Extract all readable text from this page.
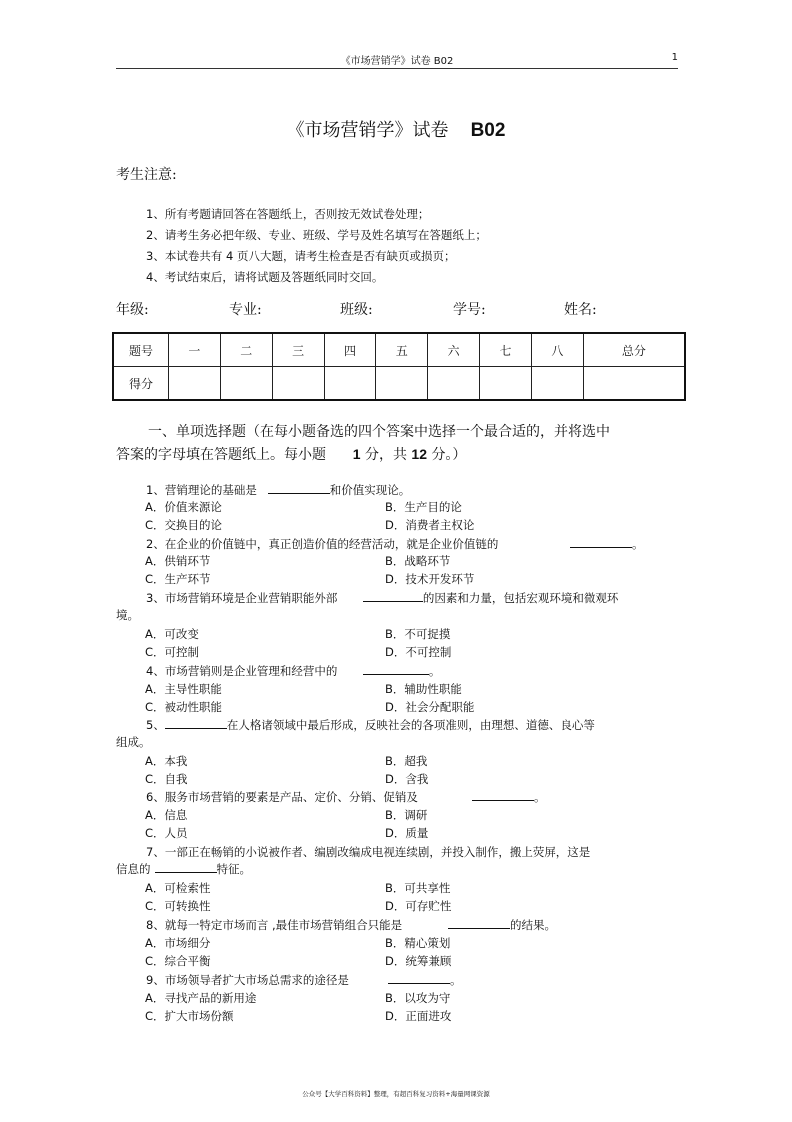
《市场营销学》试卷 B02	1
《市场营销学》试卷 B02
考生注意:
1、所有考题请回答在答题纸上，否则按无效试卷处理；
2、请考生务必把年级、专业、班级、学号及姓名填写在答题纸上；
3、本试卷共有 4 页八大题，请考生检查是否有缺页或损页；
4、考试结束后，请将试题及答题纸同时交回。
年级:	专业:	班级:	学号:	姓名:
题号	一	二	三	四	五	六	七	八	总分
得分									
一、单项选择题（在每小题备选的四个答案中选择一个最合适的，并将选中
答案的字母填在答题纸上。每小题 1 分，共 12 分。）
1、营销理论的基础是	和价值实现论。
A．价值来源论	B．生产目的论
C．交换目的论	D．消费者主权论
2、在企业的价值链中，真正创造价值的经营活动，就是企业价值链的	。
A．供销环节	B．战略环节
C．生产环节	D．技术开发环节
3、市场营销环境是企业营销职能外部	的因素和力量，包括宏观环境和微观环
境。
A．可改变	B．不可捉摸
C．可控制	D．不可控制
4、市场营销则是企业管理和经营中的	。
A．主导性职能	B．辅助性职能
C．被动性职能	D．社会分配职能
5、	在人格诸领域中最后形成，反映社会的各项准则，由理想、道德、良心等
组成。
A．本我	B．超我
C．自我	D．含我
6、服务市场营销的要素是产品、定价、分销、促销及	。
A．信息	B．调研
C．人员	D．质量
7、一部正在畅销的小说被作者、编剧改编成电视连续剧，并投入制作，搬上荧屏，这是
信息的	特征。
A．可检索性	B．可共享性
C．可转换性	D．可存贮性
8、就每一特定市场而言 ,最佳市场营销组合只能是	的结果。
A．市场细分	B．精心策划
C．综合平衡	D．统筹兼顾
9、市场领导者扩大市场总需求的途径是	。
A．寻找产品的新用途	B．以攻为守
C．扩大市场份额	D．正面进攻
公众号【大学百科资料】整理，有超百科复习资料+海量网课资源
